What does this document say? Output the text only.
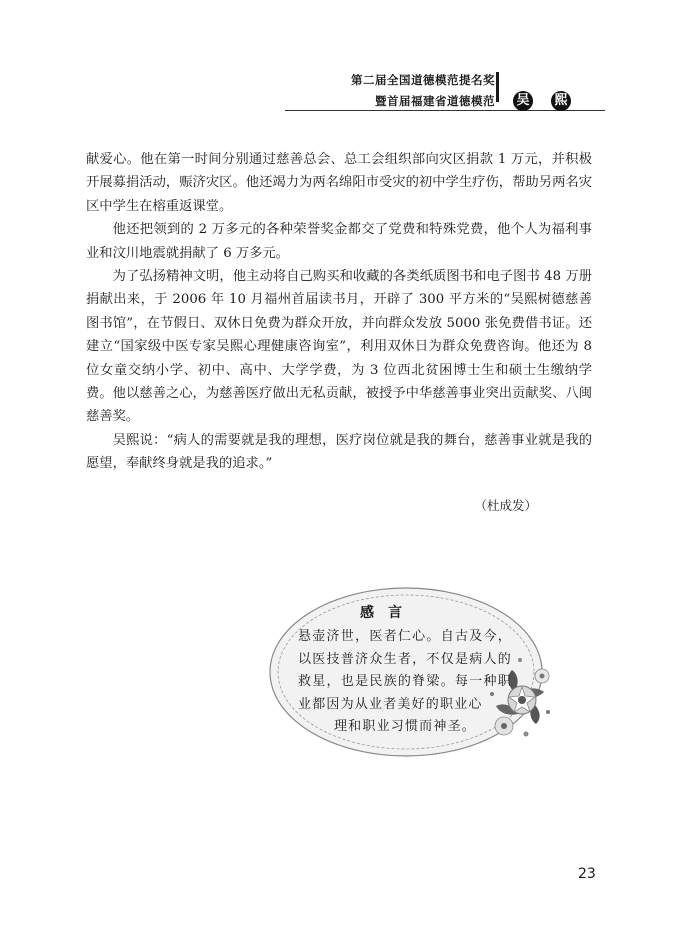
第二届全国道德模范提名奖
暨首届福建省道德模范 吴 熙

献爱心。他在第一时间分别通过慈善总会、总工会组织部向灾区捐款 1 万元，并积极开展募捐活动，赈济灾区。他还竭力为两名绵阳市受灾的初中学生疗伤，帮助另两名灾区中学生在榕重返课堂。

他还把领到的 2 万多元的各种荣誉奖金都交了党费和特殊党费，他个人为福利事业和汶川地震就捐献了 6 万多元。

为了弘扬精神文明，他主动将自己购买和收藏的各类纸质图书和电子图书 48 万册捐献出来，于 2006 年 10 月福州首届读书月，开辟了 300 平方米的“吴熙树德慈善图书馆”，在节假日、双休日免费为群众开放，并向群众发放 5000 张免费借书证。还建立“国家级中医专家吴熙心理健康咨询室”，利用双休日为群众免费咨询。他还为 8 位女童交纳小学、初中、高中、大学学费，为 3 位西北贫困博士生和硕士生缴纳学费。他以慈善之心，为慈善医疗做出无私贡献，被授予中华慈善事业突出贡献奖、八闽慈善奖。

吴熙说：“病人的需要就是我的理想，医疗岗位就是我的舞台，慈善事业就是我的愿望，奉献终身就是我的追求。”

（杜成发）
感言
悬壶济世，医者仁心。自古及今，以医技普济众生者，不仅是病人的救星，也是民族的脊梁。每一种职业都因为从业者美好的职业心
理和职业习惯而神圣。
23
